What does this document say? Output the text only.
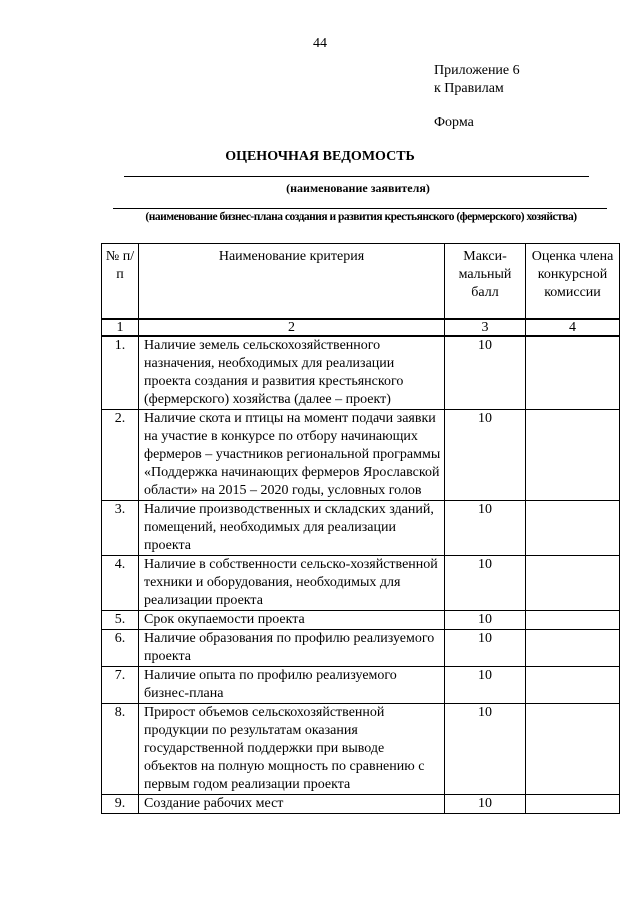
44
Приложение 6
к Правилам
Форма
ОЦЕНОЧНАЯ ВЕДОМОСТЬ
(наименование заявителя)
(наименование бизнес-плана создания и развития крестьянского (фермерского) хозяйства)
№ п/п	Наименование критерия	Макси-мальный балл	Оценка члена конкурсной комиссии
1	2	3	4
1.	Наличие земель сельскохозяйственного назначения, необходимых для реализации проекта создания и развития крестьянского (фермерского) хозяйства (далее – проект)	10	
2.	Наличие скота и птицы на момент подачи заявки на участие в конкурсе по отбору начинающих фермеров – участников региональной программы «Поддержка начинающих фермеров Ярославской области» на 2015 – 2020 годы, условных голов	10	
3.	Наличие производственных и складских зданий, помещений, необходимых для реализации проекта	10	
4.	Наличие в собственности сельско-хозяйственной техники и оборудования, необходимых для реализации проекта	10	
5.	Срок окупаемости проекта	10	
6.	Наличие образования по профилю реализуемого проекта	10	
7.	Наличие опыта по профилю реализуемого бизнес-плана	10	
8.	Прирост объемов сельскохозяйственной продукции по результатам оказания государственной поддержки при выводе объектов на полную мощность по сравнению с первым годом реализации проекта	10	
9.	Создание рабочих мест	10	
